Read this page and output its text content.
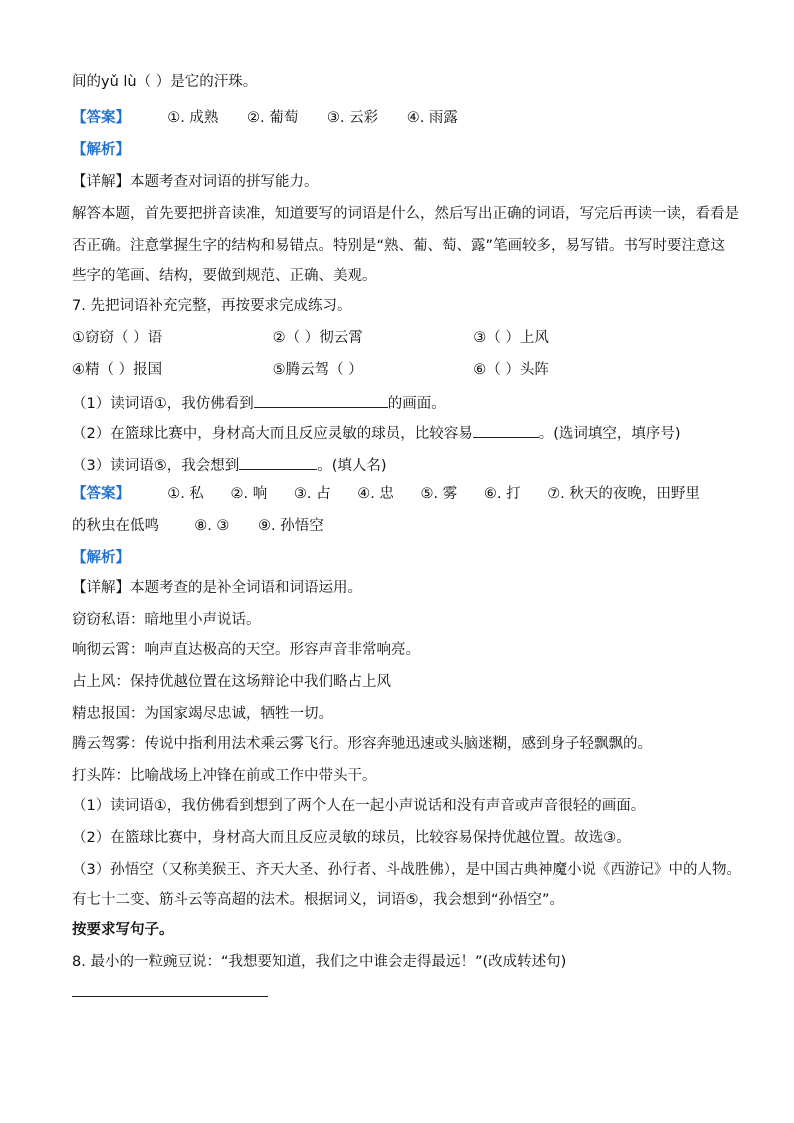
间的yǔ lù（ ）是它的汗珠。
【答案】	①. 成熟 ②. 葡萄 ③. 云彩 ④. 雨露
【解析】
【详解】本题考查对词语的拼写能力。
解答本题，首先要把拼音读准，知道要写的词语是什么，然后写出正确的词语，写完后再读一读，看看是
否正确。注意掌握生字的结构和易错点。特别是“熟、葡、萄、露”笔画较多，易写错。书写时要注意这
些字的笔画、结构，要做到规范、正确、美观。
7. 先把词语补充完整，再按要求完成练习。
①窃窃（ ）语	②（ ）彻云霄	③（ ）上风
④精（ ）报国	⑤腾云驾（ ）	⑥（ ）头阵
（1）读词语①，我仿佛看到	的画面。
（2）在篮球比赛中，身材高大而且反应灵敏的球员，比较容易	。(选词填空，填序号)
（3）读词语⑤，我会想到	。(填人名)
【答案】	①. 私 ②. 响 ③. 占 ④. 忠 ⑤. 雾 ⑥. 打 ⑦. 秋天的夜晚，田野里
的秋虫在低鸣 ⑧. ③ ⑨. 孙悟空
【解析】
【详解】本题考查的是补全词语和词语运用。
窃窃私语：暗地里小声说话。
响彻云霄：响声直达极高的天空。形容声音非常响亮。
占上风：保持优越位置在这场辩论中我们略占上风
精忠报国：为国家竭尽忠诚，牺牲一切。
腾云驾雾：传说中指利用法术乘云雾飞行。形容奔驰迅速或头脑迷糊，感到身子轻飘飘的。
打头阵：比喻战场上冲锋在前或工作中带头干。
（1）读词语①，我仿佛看到想到了两个人在一起小声说话和没有声音或声音很轻的画面。
（2）在篮球比赛中，身材高大而且反应灵敏的球员，比较容易保持优越位置。故选③。
（3）孙悟空（又称美猴王、齐天大圣、孙行者、斗战胜佛），是中国古典神魔小说《西游记》中的人物。
有七十二变、筋斗云等高超的法术。根据词义，词语⑤，我会想到“孙悟空”。
按要求写句子。
8. 最小的一粒豌豆说：“我想要知道，我们之中谁会走得最远！”(改成转述句)
